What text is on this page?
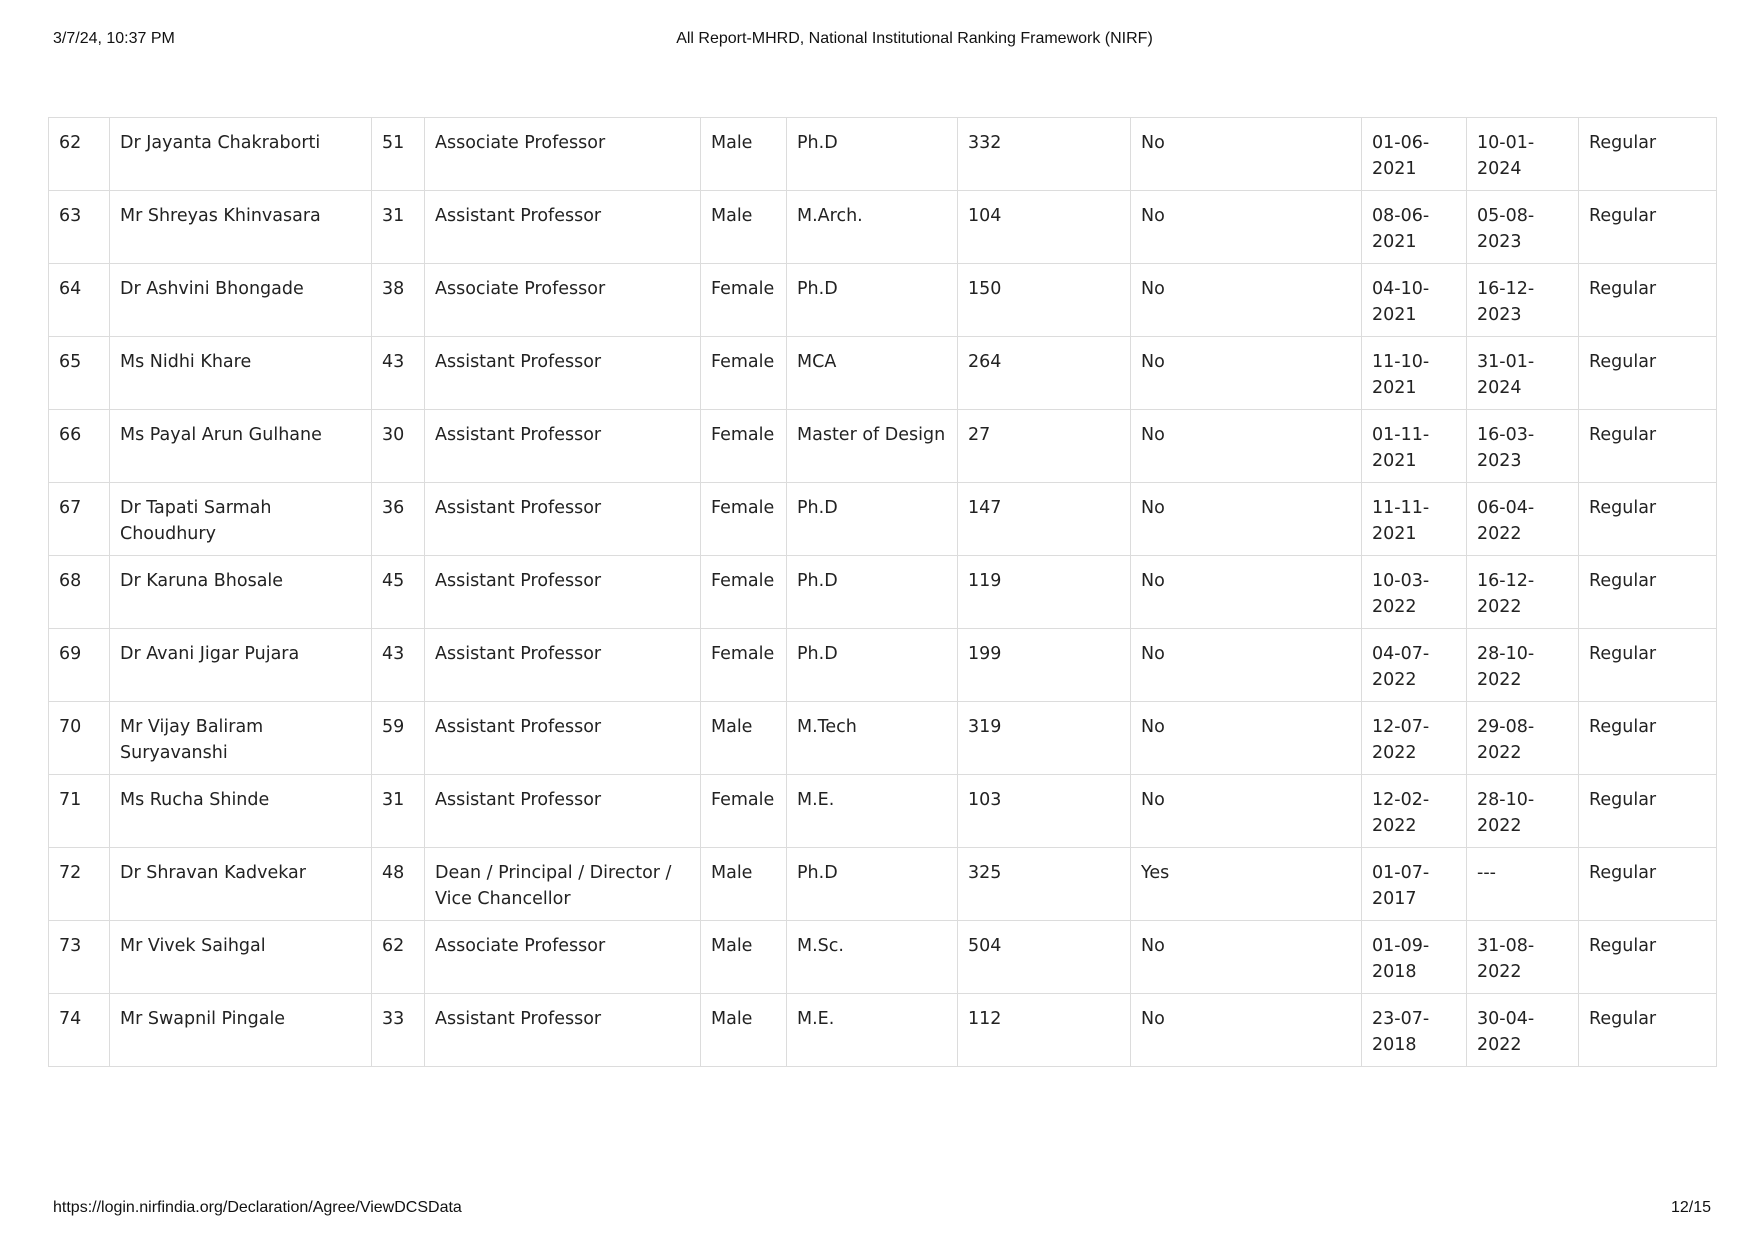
3/7/24, 10:37 PM	All Report-MHRD, National Institutional Ranking Framework (NIRF)
62	Dr Jayanta Chakraborti	51	Associate Professor	Male	Ph.D	332	No	01-06-2021	10-01-2024	Regular
63	Mr Shreyas Khinvasara	31	Assistant Professor	Male	M.Arch.	104	No	08-06-2021	05-08-2023	Regular
64	Dr Ashvini Bhongade	38	Associate Professor	Female	Ph.D	150	No	04-10-2021	16-12-2023	Regular
65	Ms Nidhi Khare	43	Assistant Professor	Female	MCA	264	No	11-10-2021	31-01-2024	Regular
66	Ms Payal Arun Gulhane	30	Assistant Professor	Female	Master of Design	27	No	01-11-2021	16-03-2023	Regular
67	Dr Tapati Sarmah Choudhury	36	Assistant Professor	Female	Ph.D	147	No	11-11-2021	06-04-2022	Regular
68	Dr Karuna Bhosale	45	Assistant Professor	Female	Ph.D	119	No	10-03-2022	16-12-2022	Regular
69	Dr Avani Jigar Pujara	43	Assistant Professor	Female	Ph.D	199	No	04-07-2022	28-10-2022	Regular
70	Mr Vijay Baliram Suryavanshi	59	Assistant Professor	Male	M.Tech	319	No	12-07-2022	29-08-2022	Regular
71	Ms Rucha Shinde	31	Assistant Professor	Female	M.E.	103	No	12-02-2022	28-10-2022	Regular
72	Dr Shravan Kadvekar	48	Dean / Principal / Director / Vice Chancellor	Male	Ph.D	325	Yes	01-07-2017	---	Regular
73	Mr Vivek Saihgal	62	Associate Professor	Male	M.Sc.	504	No	01-09-2018	31-08-2022	Regular
74	Mr Swapnil Pingale	33	Assistant Professor	Male	M.E.	112	No	23-07-2018	30-04-2022	Regular
https://login.nirfindia.org/Declaration/Agree/ViewDCSData	12/15
